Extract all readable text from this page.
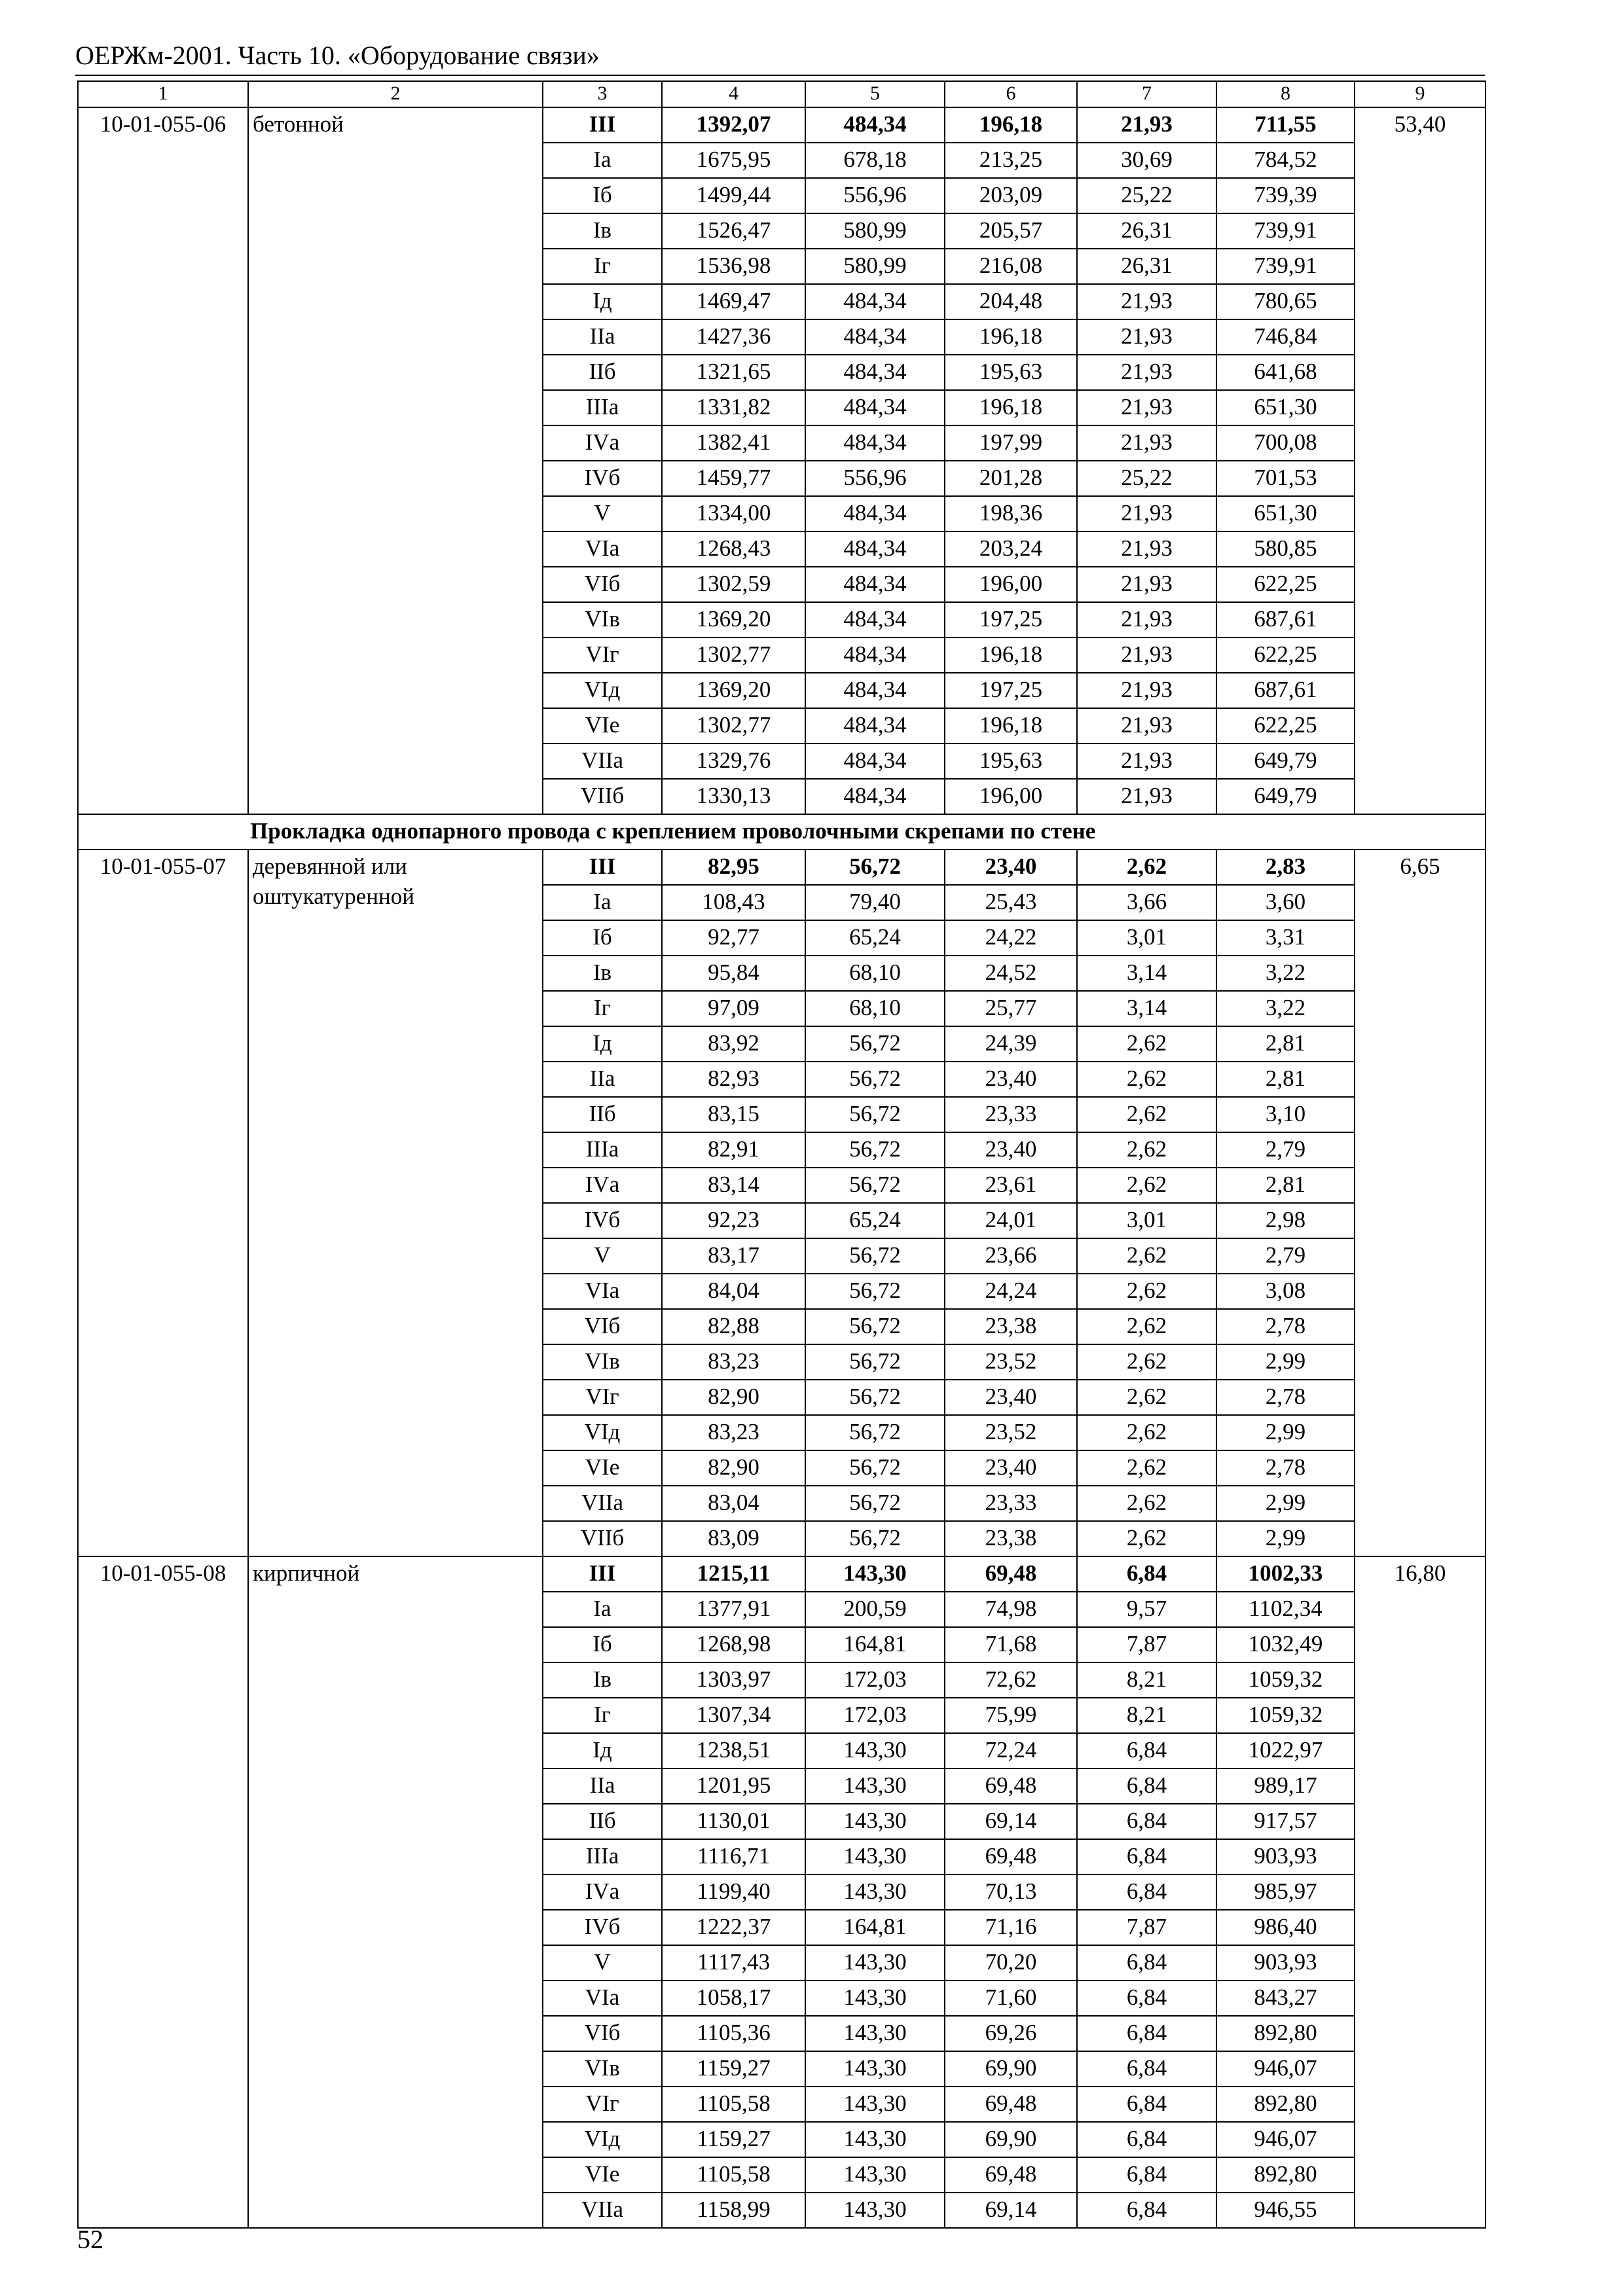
ОЕРЖм-2001. Часть 10. «Оборудование связи»
1	2	3	4	5	6	7	8	9
10-01-055-06	бетонной	III	1392,07	484,34	196,18	21,93	711,55	53,40
		Iа	1675,95	678,18	213,25	30,69	784,52	
		Iб	1499,44	556,96	203,09	25,22	739,39	
		Iв	1526,47	580,99	205,57	26,31	739,91	
		Iг	1536,98	580,99	216,08	26,31	739,91	
		Iд	1469,47	484,34	204,48	21,93	780,65	
		IIа	1427,36	484,34	196,18	21,93	746,84	
		IIб	1321,65	484,34	195,63	21,93	641,68	
		IIIа	1331,82	484,34	196,18	21,93	651,30	
		IVа	1382,41	484,34	197,99	21,93	700,08	
		IVб	1459,77	556,96	201,28	25,22	701,53	
		V	1334,00	484,34	198,36	21,93	651,30	
		VIа	1268,43	484,34	203,24	21,93	580,85	
		VIб	1302,59	484,34	196,00	21,93	622,25	
		VIв	1369,20	484,34	197,25	21,93	687,61	
		VIг	1302,77	484,34	196,18	21,93	622,25	
		VIд	1369,20	484,34	197,25	21,93	687,61	
		VIе	1302,77	484,34	196,18	21,93	622,25	
		VIIа	1329,76	484,34	195,63	21,93	649,79	
		VIIб	1330,13	484,34	196,00	21,93	649,79	
Прокладка однопарного провода с креплением проволочными скрепами по стене								
10-01-055-07	деревянной или оштукатуренной	III	82,95	56,72	23,40	2,62	2,83	6,65
		Iа	108,43	79,40	25,43	3,66	3,60	
		Iб	92,77	65,24	24,22	3,01	3,31	
		Iв	95,84	68,10	24,52	3,14	3,22	
		Iг	97,09	68,10	25,77	3,14	3,22	
		Iд	83,92	56,72	24,39	2,62	2,81	
		IIа	82,93	56,72	23,40	2,62	2,81	
		IIб	83,15	56,72	23,33	2,62	3,10	
		IIIа	82,91	56,72	23,40	2,62	2,79	
		IVа	83,14	56,72	23,61	2,62	2,81	
		IVб	92,23	65,24	24,01	3,01	2,98	
		V	83,17	56,72	23,66	2,62	2,79	
		VIа	84,04	56,72	24,24	2,62	3,08	
		VIб	82,88	56,72	23,38	2,62	2,78	
		VIв	83,23	56,72	23,52	2,62	2,99	
		VIг	82,90	56,72	23,40	2,62	2,78	
		VIд	83,23	56,72	23,52	2,62	2,99	
		VIе	82,90	56,72	23,40	2,62	2,78	
		VIIа	83,04	56,72	23,33	2,62	2,99	
		VIIб	83,09	56,72	23,38	2,62	2,99	
10-01-055-08	кирпичной	III	1215,11	143,30	69,48	6,84	1002,33	16,80
		Iа	1377,91	200,59	74,98	9,57	1102,34	
		Iб	1268,98	164,81	71,68	7,87	1032,49	
		Iв	1303,97	172,03	72,62	8,21	1059,32	
		Iг	1307,34	172,03	75,99	8,21	1059,32	
		Iд	1238,51	143,30	72,24	6,84	1022,97	
		IIа	1201,95	143,30	69,48	6,84	989,17	
		IIб	1130,01	143,30	69,14	6,84	917,57	
		IIIа	1116,71	143,30	69,48	6,84	903,93	
		IVа	1199,40	143,30	70,13	6,84	985,97	
		IVб	1222,37	164,81	71,16	7,87	986,40	
		V	1117,43	143,30	70,20	6,84	903,93	
		VIа	1058,17	143,30	71,60	6,84	843,27	
		VIб	1105,36	143,30	69,26	6,84	892,80	
		VIв	1159,27	143,30	69,90	6,84	946,07	
		VIг	1105,58	143,30	69,48	6,84	892,80	
		VIд	1159,27	143,30	69,90	6,84	946,07	
		VIе	1105,58	143,30	69,48	6,84	892,80	
		VIIа	1158,99	143,30	69,14	6,84	946,55	
52
